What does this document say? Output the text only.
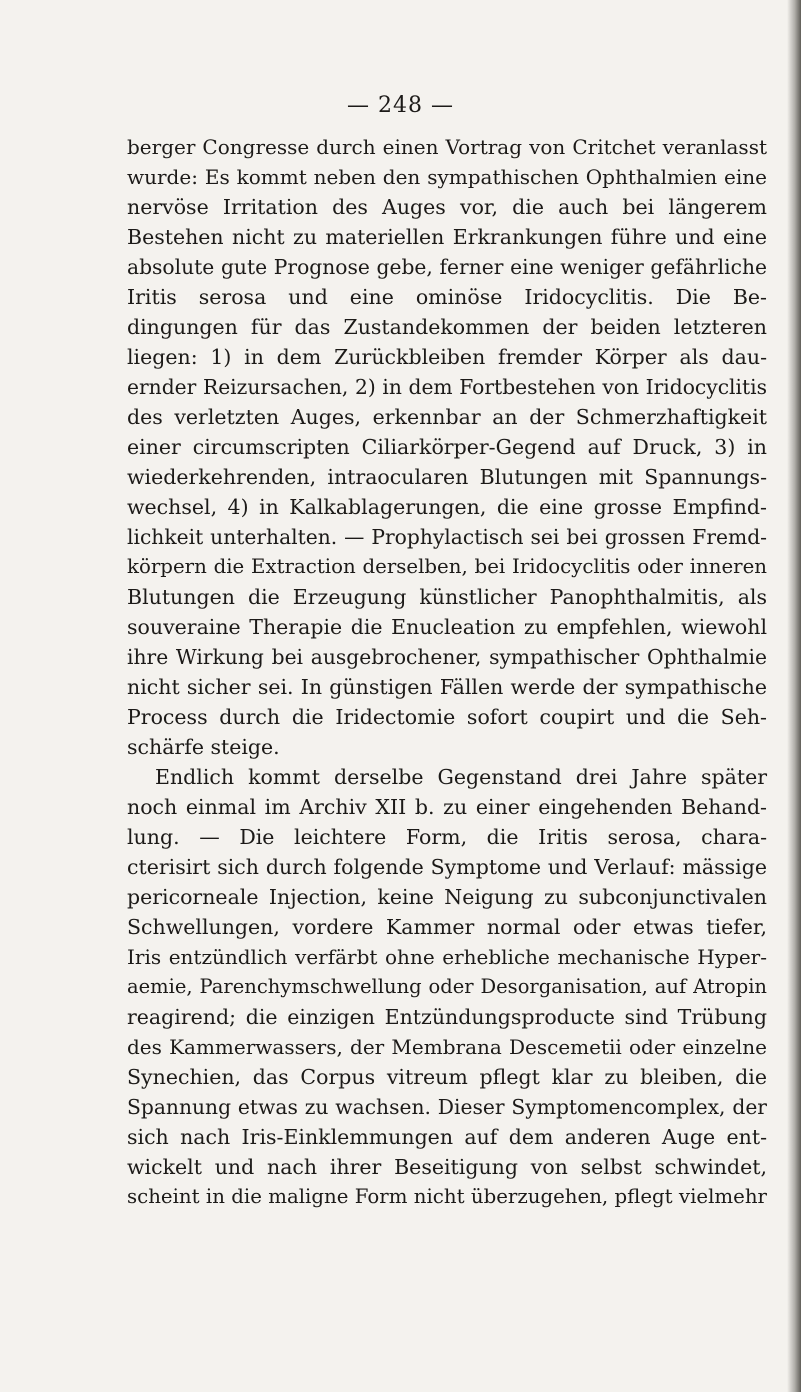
— 248 —
berger Congresse durch einen Vortrag von Critchet veranlasst
wurde: Es kommt neben den sympathischen Ophthalmien eine
nervöse Irritation des Auges vor, die auch bei längerem
Bestehen nicht zu materiellen Erkrankungen führe und eine
absolute gute Prognose gebe, ferner eine weniger gefährliche
Iritis serosa und eine ominöse Iridocyclitis. Die Be-
dingungen für das Zustandekommen der beiden letzteren
liegen: 1) in dem Zurückbleiben fremder Körper als dau-
ernder Reizursachen, 2) in dem Fortbestehen von Iridocyclitis
des verletzten Auges, erkennbar an der Schmerzhaftigkeit
einer circumscripten Ciliarkörper-Gegend auf Druck, 3) in
wiederkehrenden, intraocularen Blutungen mit Spannungs-
wechsel, 4) in Kalkablagerungen, die eine grosse Empfind-
lichkeit unterhalten. — Prophylactisch sei bei grossen Fremd-
körpern die Extraction derselben, bei Iridocyclitis oder inneren
Blutungen die Erzeugung künstlicher Panophthalmitis, als
souveraine Therapie die Enucleation zu empfehlen, wiewohl
ihre Wirkung bei ausgebrochener, sympathischer Ophthalmie
nicht sicher sei. In günstigen Fällen werde der sympathische
Process durch die Iridectomie sofort coupirt und die Seh-
schärfe steige.
Endlich kommt derselbe Gegenstand drei Jahre später
noch einmal im Archiv XII b. zu einer eingehenden Behand-
lung. — Die leichtere Form, die Iritis serosa, chara-
cterisirt sich durch folgende Symptome und Verlauf: mässige
pericorneale Injection, keine Neigung zu subconjunctivalen
Schwellungen, vordere Kammer normal oder etwas tiefer,
Iris entzündlich verfärbt ohne erhebliche mechanische Hyper-
aemie, Parenchymschwellung oder Desorganisation, auf Atropin
reagirend; die einzigen Entzündungsproducte sind Trübung
des Kammerwassers, der Membrana Descemetii oder einzelne
Synechien, das Corpus vitreum pflegt klar zu bleiben, die
Spannung etwas zu wachsen. Dieser Symptomencomplex, der
sich nach Iris-Einklemmungen auf dem anderen Auge ent-
wickelt und nach ihrer Beseitigung von selbst schwindet,
scheint in die maligne Form nicht überzugehen, pflegt vielmehr
